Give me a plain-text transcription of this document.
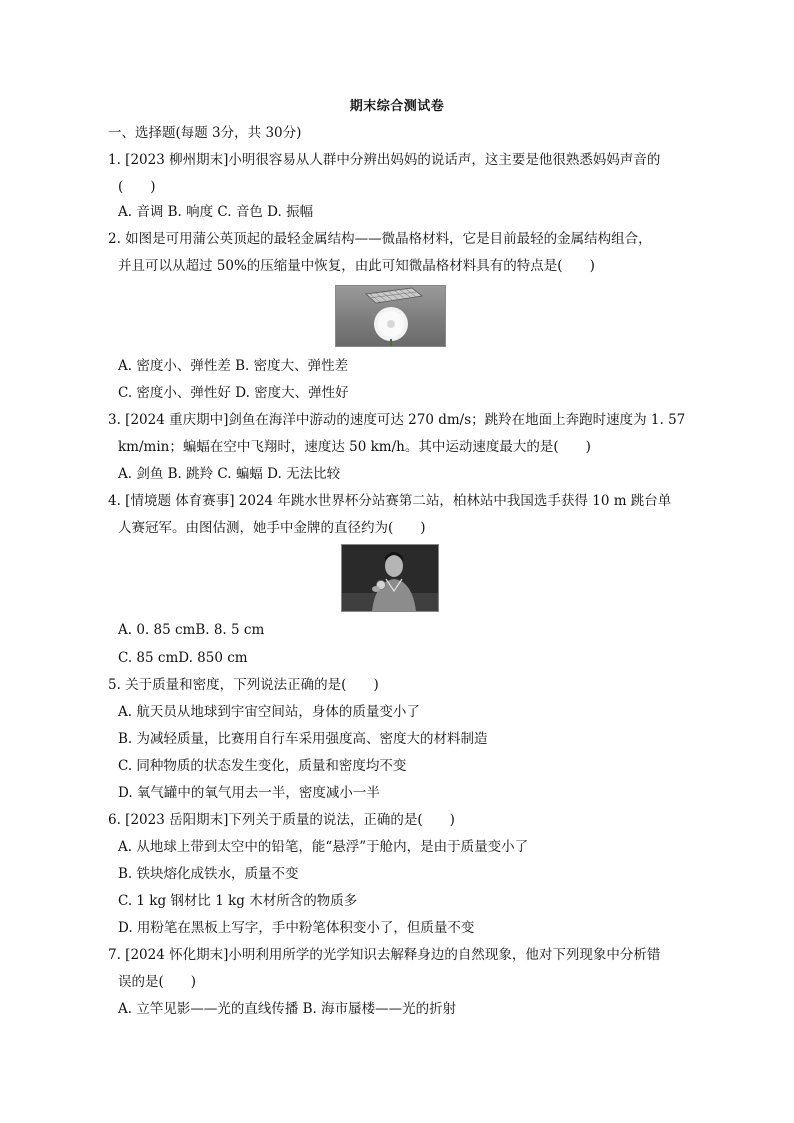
期末综合测试卷
一、选择题(每题 3分，共 30分)
1. [2023 柳州期末]小明很容易从人群中分辨出妈妈的说话声，这主要是他很熟悉妈妈声音的
(　　)
A. 音调 B. 响度 C. 音色 D. 振幅
2. 如图是可用蒲公英顶起的最轻金属结构——微晶格材料，它是目前最轻的金属结构组合，
并且可以从超过 50%的压缩量中恢复，由此可知微晶格材料具有的特点是(　　)
A. 密度小、弹性差 B. 密度大、弹性差
C. 密度小、弹性好 D. 密度大、弹性好
3. [2024 重庆期中]剑鱼在海洋中游动的速度可达 270 dm/s；跳羚在地面上奔跑时速度为 1. 57
km/min；蝙蝠在空中飞翔时，速度达 50 km/h。其中运动速度最大的是(　　)
A. 剑鱼 B. 跳羚 C. 蝙蝠 D. 无法比较
4. [情境题 体育赛事] 2024 年跳水世界杯分站赛第二站，柏林站中我国选手获得 10 m 跳台单
人赛冠军。由图估测，她手中金牌的直径约为(　　)
A. 0. 85 cmB. 8. 5 cm
C. 85 cmD. 850 cm
5. 关于质量和密度，下列说法正确的是(　　)
A. 航天员从地球到宇宙空间站，身体的质量变小了
B. 为减轻质量，比赛用自行车采用强度高、密度大的材料制造
C. 同种物质的状态发生变化，质量和密度均不变
D. 氧气罐中的氧气用去一半，密度减小一半
6. [2023 岳阳期末]下列关于质量的说法，正确的是(　　)
A. 从地球上带到太空中的铅笔，能“悬浮”于舱内，是由于质量变小了
B. 铁块熔化成铁水，质量不变
C. 1 kg 钢材比 1 kg 木材所含的物质多
D. 用粉笔在黑板上写字，手中粉笔体积变小了，但质量不变
7. [2024 怀化期末]小明利用所学的光学知识去解释身边的自然现象，他对下列现象中分析错
误的是(　　)
A. 立竿见影——光的直线传播 B. 海市蜃楼——光的折射
